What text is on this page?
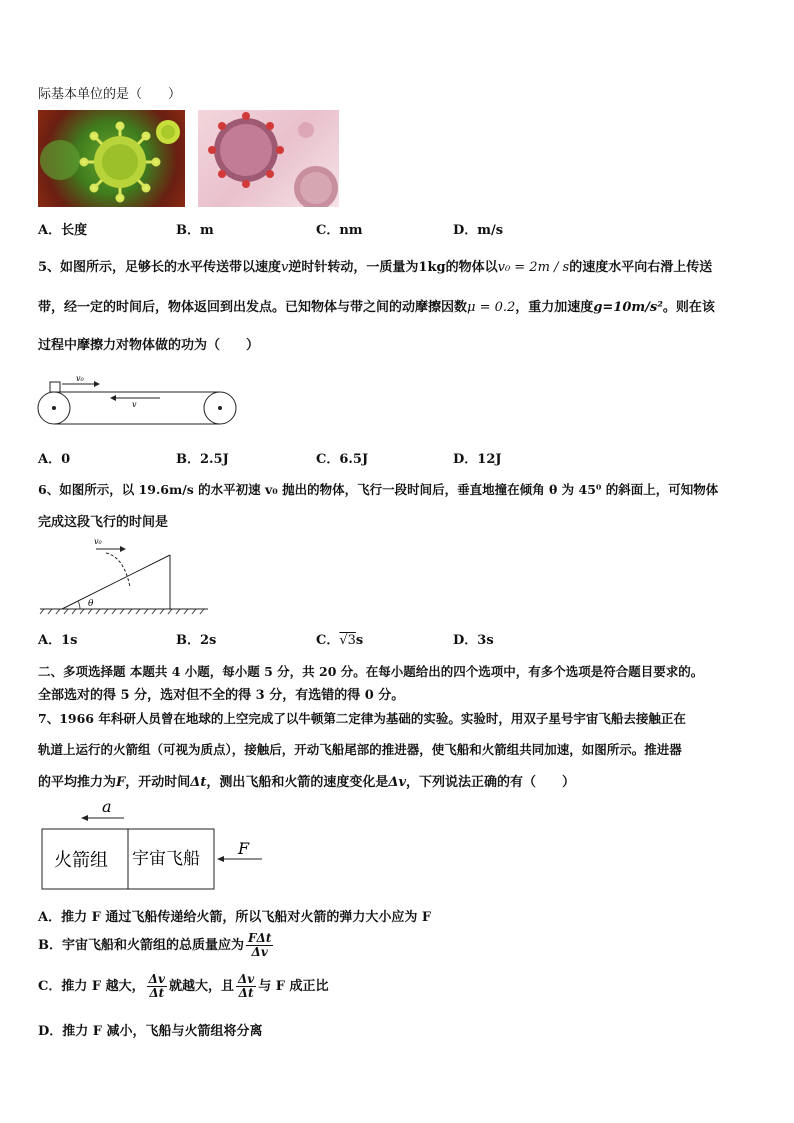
际基本单位的是（　　）
A．长度	B．m	C．nm	D．m/s
5、如图所示，足够长的水平传送带以速度v逆时针转动，一质量为1kg的物体以v₀ = 2m / s的速度水平向右滑上传送
带，经一定的时间后，物体返回到出发点。已知物体与带之间的动摩擦因数μ = 0.2，重力加速度g=10m/s²。则在该
过程中摩擦力对物体做的功为（　　）
v₀
v
A．0	B．2.5J	C．6.5J	D．12J
6、如图所示，以 19.6m/s 的水平初速 v₀ 抛出的物体，飞行一段时间后，垂直地撞在倾角 θ 为 45⁰ 的斜面上，可知物体
完成这段飞行的时间是
θ
v₀
A．1s	B．2s	C．√3s	D．3s
二、多项选择题 本题共 4 小题，每小题 5 分，共 20 分。在每小题给出的四个选项中，有多个选项是符合题目要求的。
全部选对的得 5 分，选对但不全的得 3 分，有选错的得 0 分。
7、1966 年科研人员曾在地球的上空完成了以牛顿第二定律为基础的实验。实验时，用双子星号宇宙飞船去接触正在
轨道上运行的火箭组（可视为质点），接触后，开动飞船尾部的推进器，使飞船和火箭组共同加速，如图所示。推进器
的平均推力为F，开动时间Δt，测出飞船和火箭的速度变化是Δv，下列说法正确的有（　　）
a
火箭组 宇宙飞船
F
A．推力 F 通过飞船传递给火箭，所以飞船对火箭的弹力大小应为 F
B．宇宙飞船和火箭组的总质量应为 $\frac{\text{FΔt}}{\Delta v}$
C．推力 F 越大， $\frac{\Delta v}{\Delta t}$ 就越大，且 $\frac{\Delta v}{\Delta t}$ 与 F 成正比
D．推力 F 减小，飞船与火箭组将分离
